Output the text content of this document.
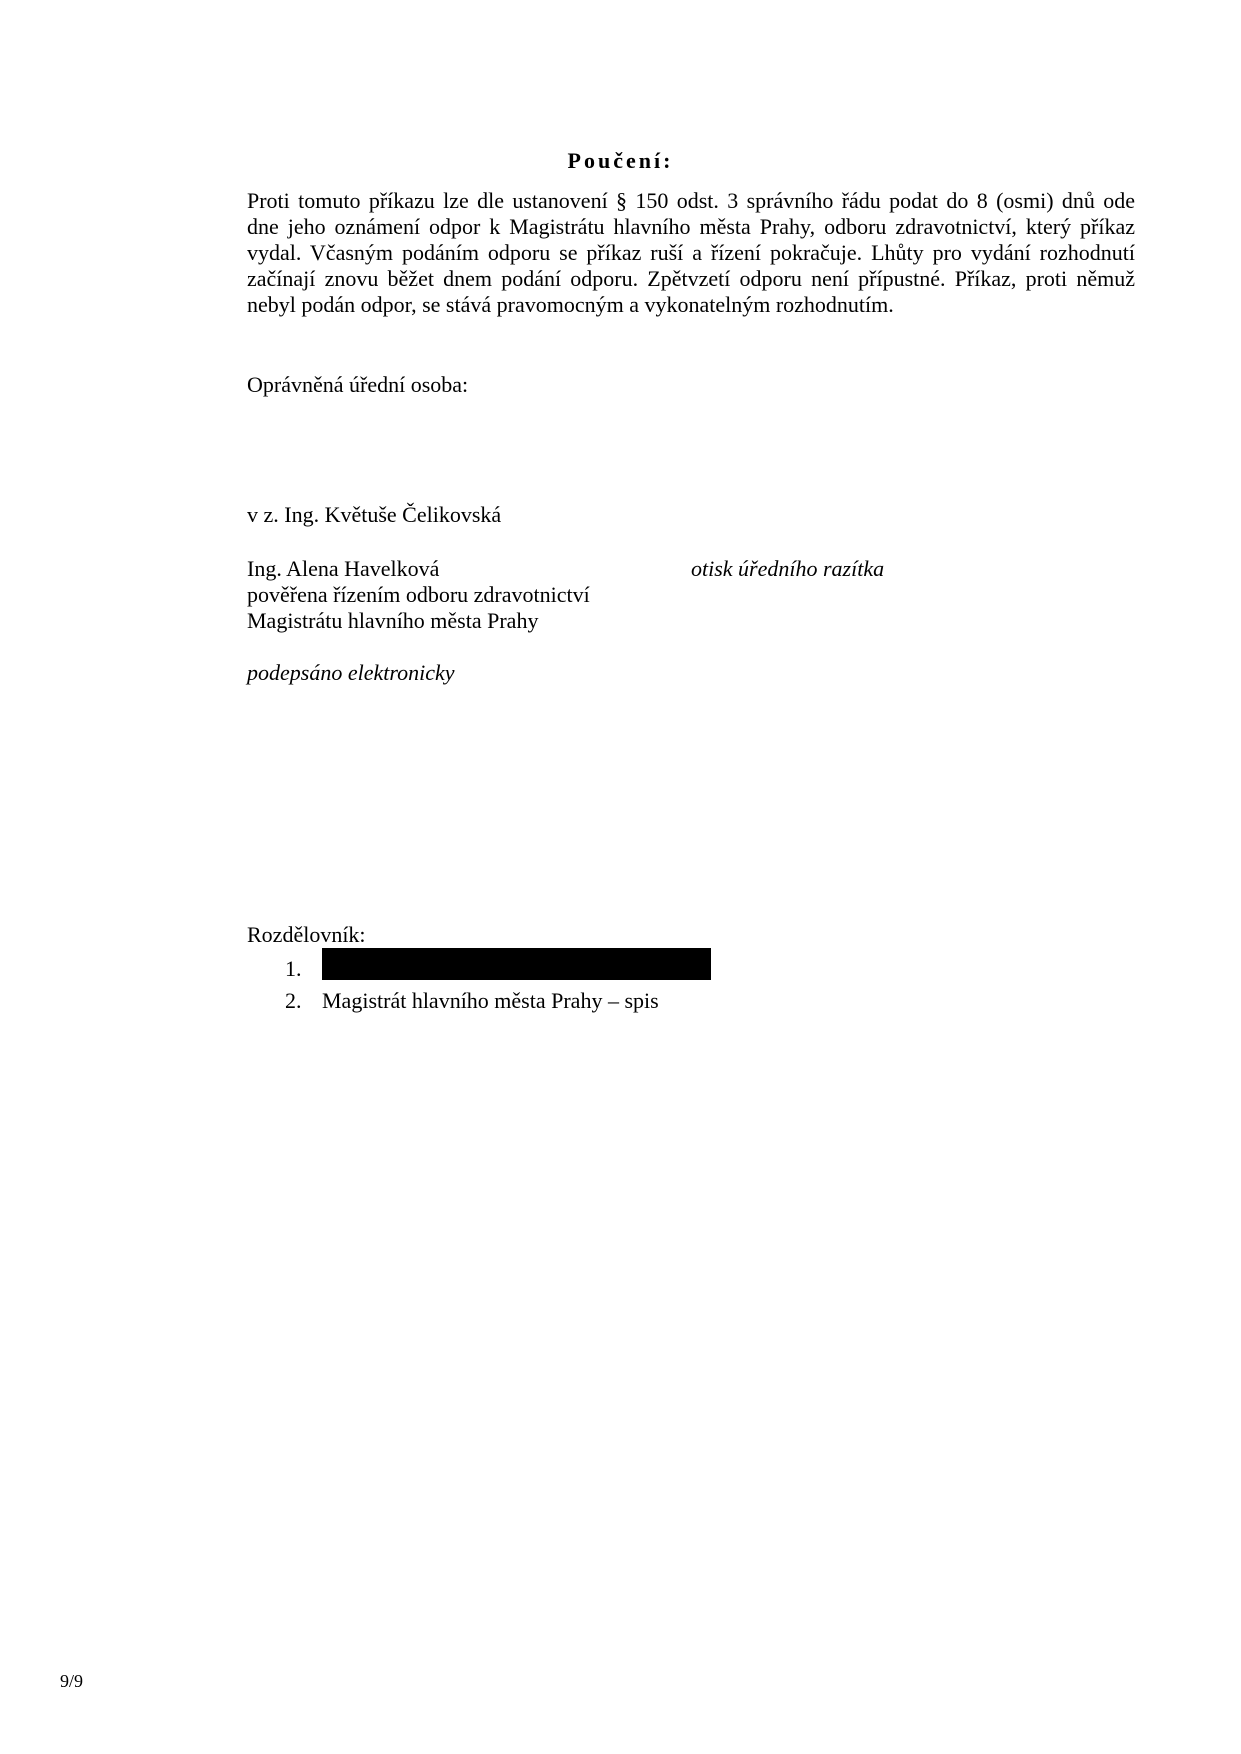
Poučení:
Proti tomuto příkazu lze dle ustanovení § 150 odst. 3 správního řádu podat do 8 (osmi) dnů ode
dne jeho oznámení odpor k Magistrátu hlavního města Prahy, odboru zdravotnictví, který příkaz
vydal. Včasným podáním odporu se příkaz ruší a řízení pokračuje. Lhůty pro vydání rozhodnutí
začínají znovu běžet dnem podání odporu. Zpětvzetí odporu není přípustné. Příkaz, proti němuž
nebyl podán odpor, se stává pravomocným a vykonatelným rozhodnutím.
Oprávněná úřední osoba:
v z. Ing. Květuše Čelikovská
Ing. Alena Havelková	otisk úředního razítka
pověřena řízením odboru zdravotnictví
Magistrátu hlavního města Prahy
podepsáno elektronicky
Rozdělovník:
1.
2. Magistrát hlavního města Prahy – spis
9/9
